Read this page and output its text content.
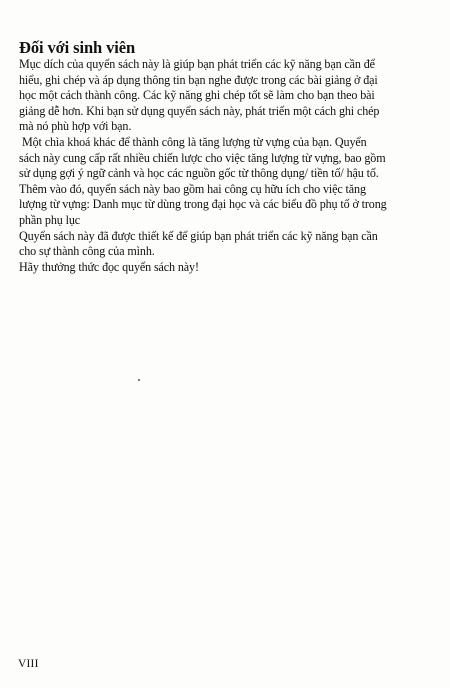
Đối với sinh viên
Mục dích của quyển sách này là giúp bạn phát triển các kỹ năng bạn cần để
hiểu, ghi chép và áp dụng thông tin bạn nghe được trong các bài giảng ở đại
học một cách thành công. Các kỹ năng ghi chép tốt sẽ làm cho bạn theo bài
giảng dễ hơn. Khi bạn sử dụng quyển sách này, phát triển một cách ghi chép
mà nó phù hợp với bạn.
Một chìa khoá khác để thành công là tăng lượng từ vựng của bạn. Quyển
sách này cung cấp rất nhiều chiến lược cho việc tăng lượng từ vựng, bao gồm
sử dụng gợi ý ngữ cảnh và học các nguồn gốc từ thông dụng/ tiền tố/ hậu tố.
Thêm vào đó, quyển sách này bao gồm hai công cụ hữu ích cho việc tăng
lượng từ vựng: Danh mục từ dùng trong đại học và các biểu đồ phụ tố ở trong
phần phụ lục
Quyển sách này đã được thiết kế để giúp bạn phát triển các kỹ năng bạn cần
cho sự thành công của mình.
Hãy thưởng thức đọc quyển sách này!
VIII
